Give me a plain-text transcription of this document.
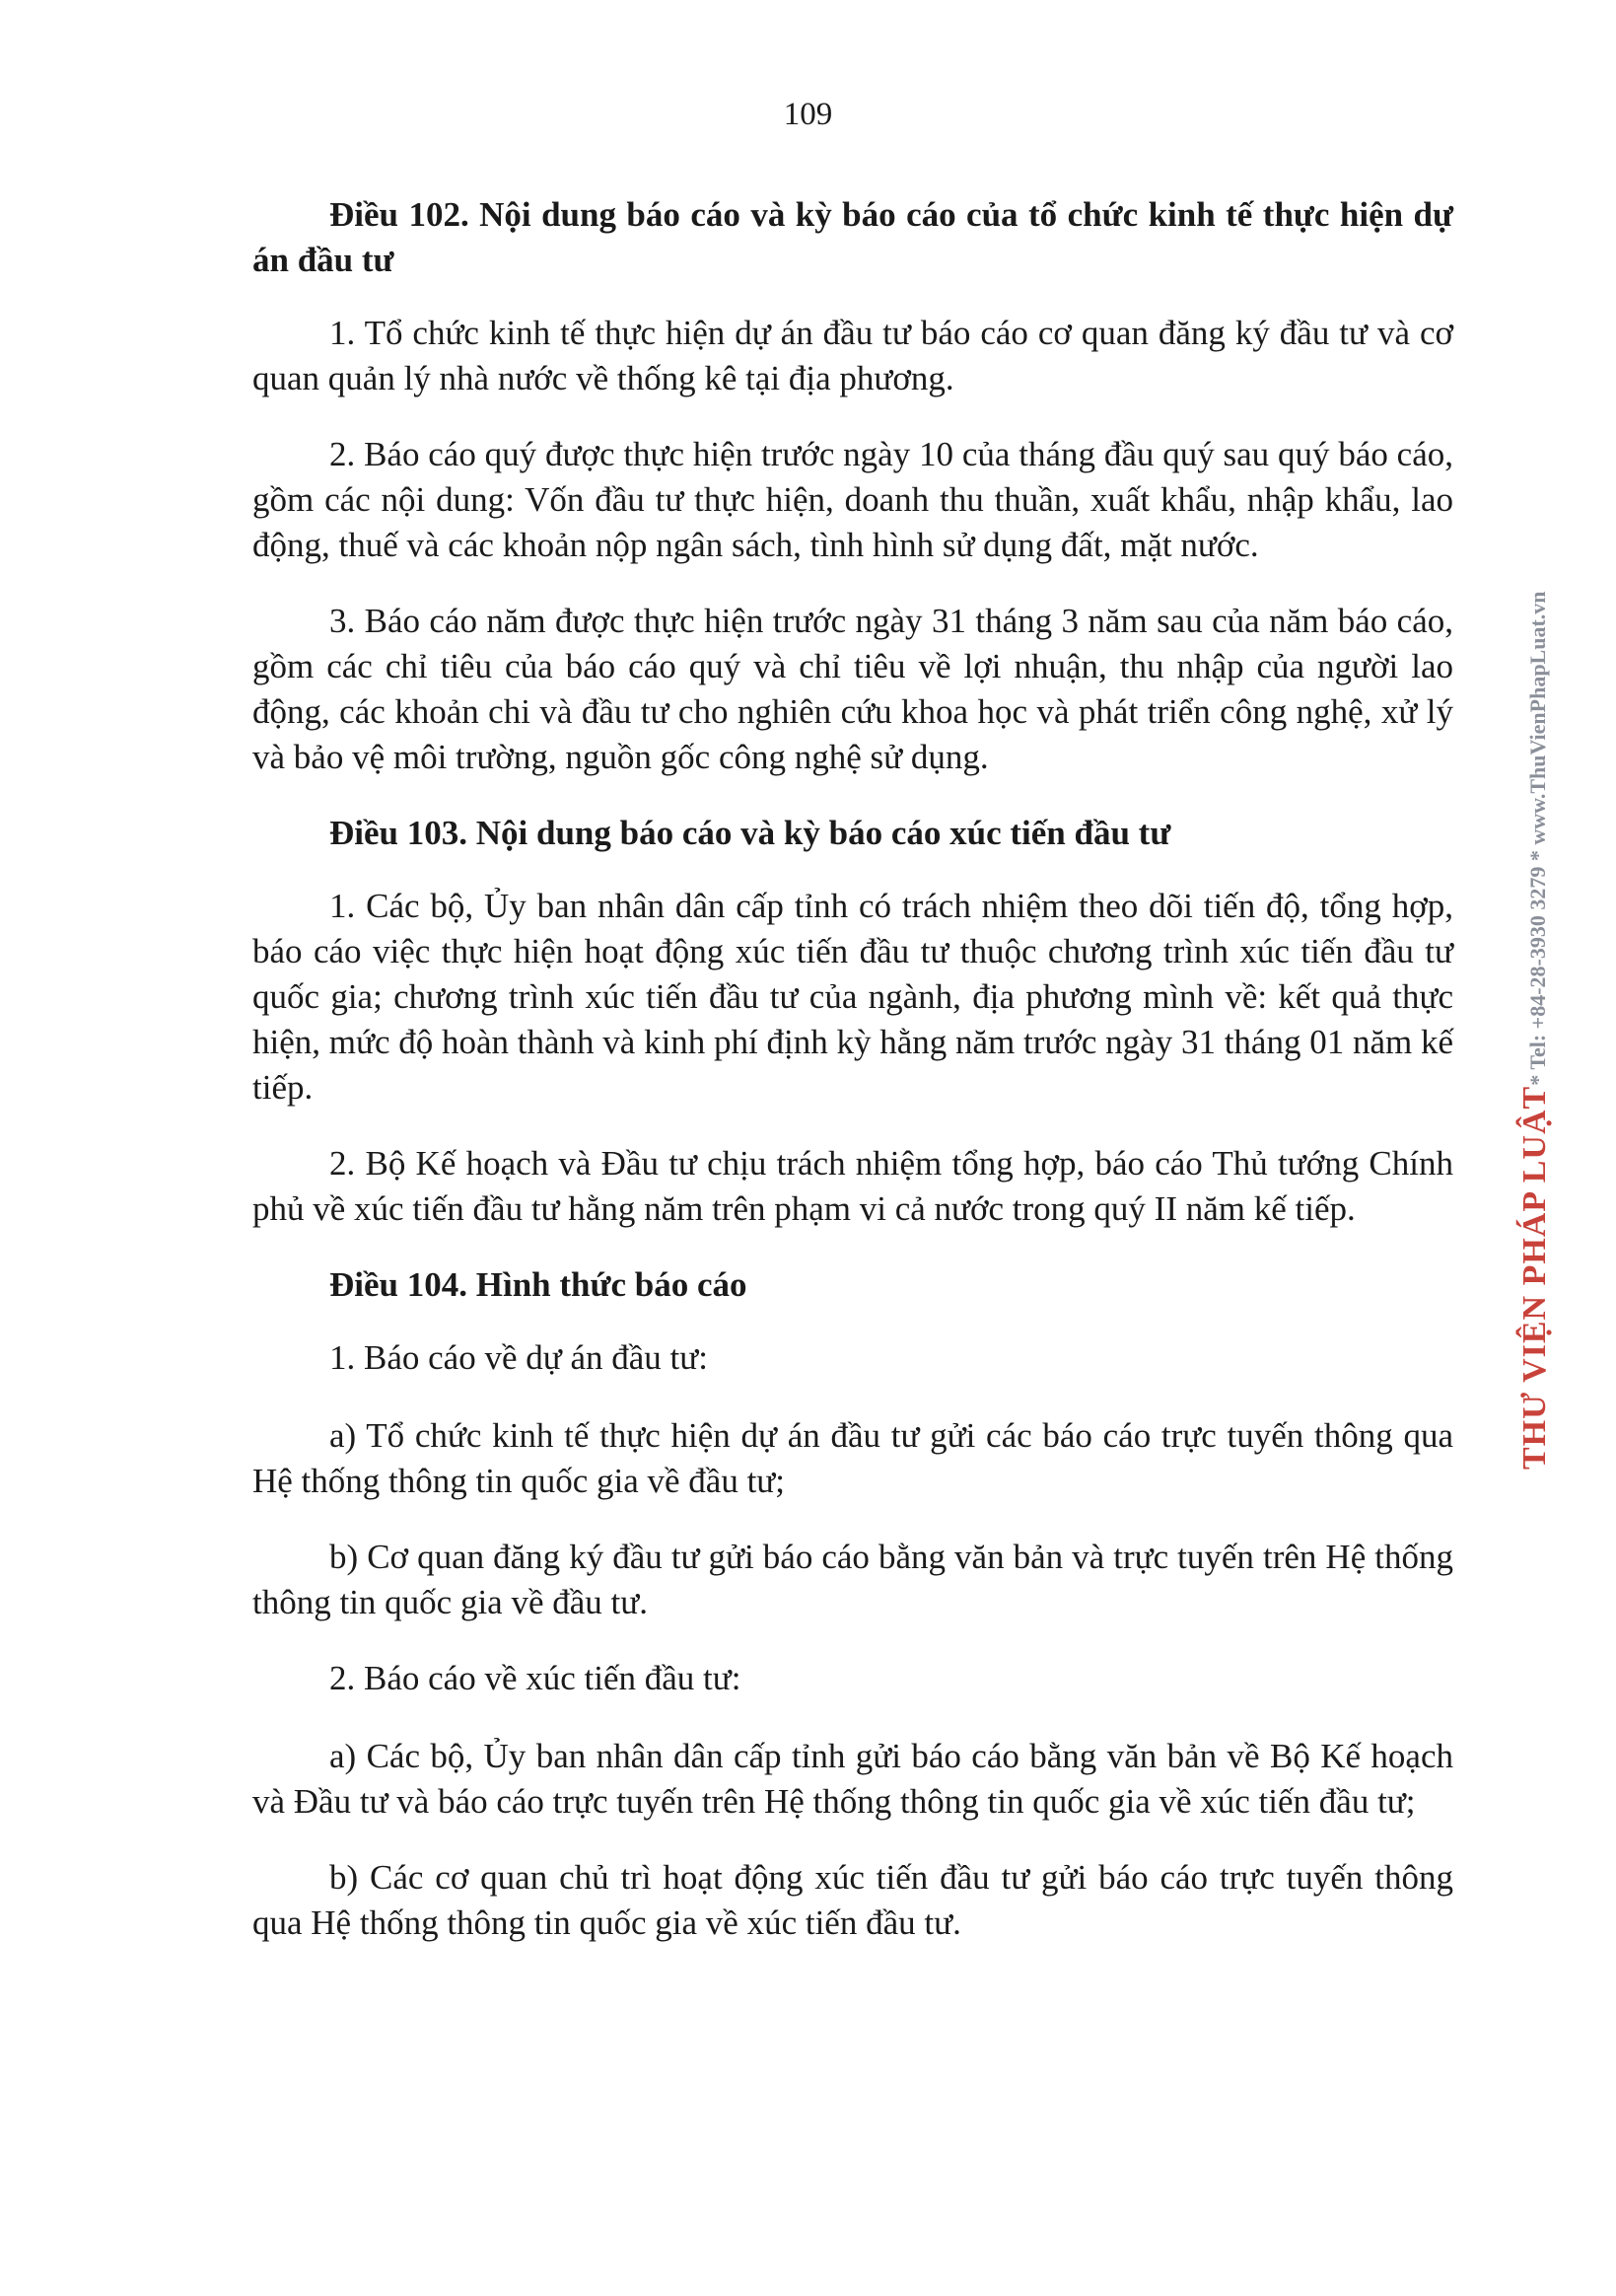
109
Điều 102. Nội dung báo cáo và kỳ báo cáo của tổ chức kinh tế thực hiện dự án đầu tư

1. Tổ chức kinh tế thực hiện dự án đầu tư báo cáo cơ quan đăng ký đầu tư và cơ quan quản lý nhà nước về thống kê tại địa phương.

2. Báo cáo quý được thực hiện trước ngày 10 của tháng đầu quý sau quý báo cáo, gồm các nội dung: Vốn đầu tư thực hiện, doanh thu thuần, xuất khẩu, nhập khẩu, lao động, thuế và các khoản nộp ngân sách, tình hình sử dụng đất, mặt nước.

3. Báo cáo năm được thực hiện trước ngày 31 tháng 3 năm sau của năm báo cáo, gồm các chỉ tiêu của báo cáo quý và chỉ tiêu về lợi nhuận, thu nhập của người lao động, các khoản chi và đầu tư cho nghiên cứu khoa học và phát triển công nghệ, xử lý và bảo vệ môi trường, nguồn gốc công nghệ sử dụng.

Điều 103. Nội dung báo cáo và kỳ báo cáo xúc tiến đầu tư

1. Các bộ, Ủy ban nhân dân cấp tỉnh có trách nhiệm theo dõi tiến độ, tổng hợp, báo cáo việc thực hiện hoạt động xúc tiến đầu tư thuộc chương trình xúc tiến đầu tư quốc gia; chương trình xúc tiến đầu tư của ngành, địa phương mình về: kết quả thực hiện, mức độ hoàn thành và kinh phí định kỳ hằng năm trước ngày 31 tháng 01 năm kế tiếp.

2. Bộ Kế hoạch và Đầu tư chịu trách nhiệm tổng hợp, báo cáo Thủ tướng Chính phủ về xúc tiến đầu tư hằng năm trên phạm vi cả nước trong quý II năm kế tiếp.

Điều 104. Hình thức báo cáo

1. Báo cáo về dự án đầu tư:

a) Tổ chức kinh tế thực hiện dự án đầu tư gửi các báo cáo trực tuyến thông qua Hệ thống thông tin quốc gia về đầu tư;

b) Cơ quan đăng ký đầu tư gửi báo cáo bằng văn bản và trực tuyến trên Hệ thống thông tin quốc gia về đầu tư.

2. Báo cáo về xúc tiến đầu tư:

a) Các bộ, Ủy ban nhân dân cấp tỉnh gửi báo cáo bằng văn bản về Bộ Kế hoạch và Đầu tư và báo cáo trực tuyến trên Hệ thống thông tin quốc gia về xúc tiến đầu tư;

b) Các cơ quan chủ trì hoạt động xúc tiến đầu tư gửi báo cáo trực tuyến thông qua Hệ thống thông tin quốc gia về xúc tiến đầu tư.

THƯ VIỆN PHÁP LUẬT* Tel: +84-28-3930 3279 * www.ThuVienPhapLuat.vn
